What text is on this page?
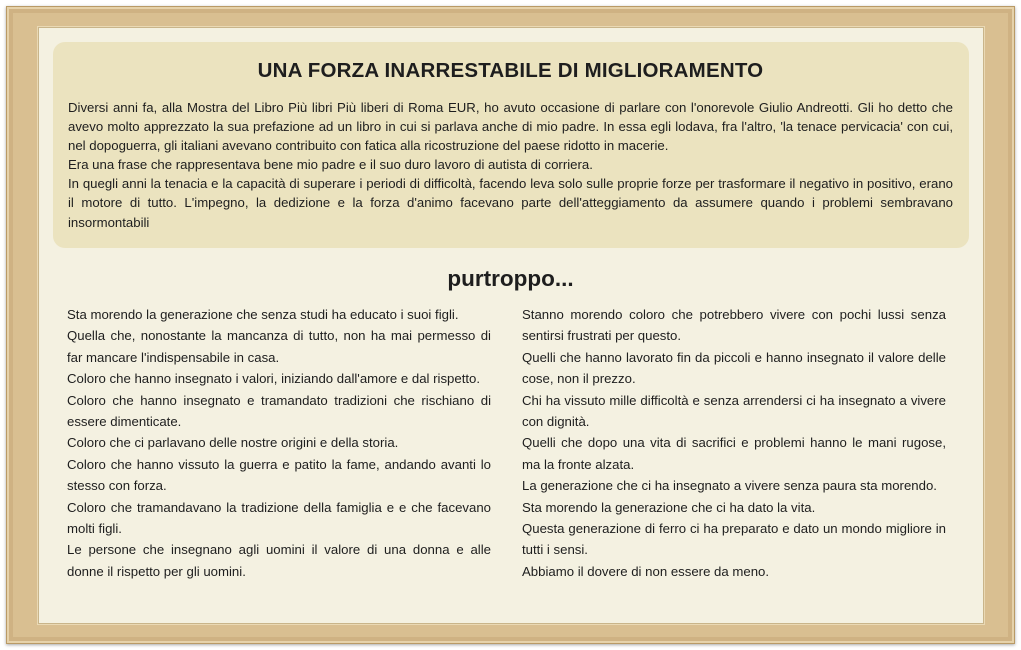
UNA FORZA INARRESTABILE DI MIGLIORAMENTO

Diversi anni fa, alla Mostra del Libro Più libri Più liberi di Roma EUR, ho avuto occasione di parlare con l'onorevole Giulio Andreotti. Gli ho detto che avevo molto apprezzato la sua prefazione ad un libro in cui si parlava anche di mio padre. In essa egli lodava, fra l'altro, 'la tenace pervicacia' con cui, nel dopoguerra, gli italiani avevano contribuito con fatica alla ricostruzione del paese ridotto in macerie.

Era una frase che rappresentava bene mio padre e il suo duro lavoro di autista di corriera.

In quegli anni la tenacia e la capacità di superare i periodi di difficoltà, facendo leva solo sulle proprie forze per trasformare il negativo in positivo, erano il motore di tutto. L'impegno, la dedizione e la forza d'animo facevano parte dell'atteggiamento da assumere quando i problemi sembravano insormontabili

purtroppo...

Sta morendo la generazione che senza studi ha educato i suoi figli.

Quella che, nonostante la mancanza di tutto, non ha mai permesso di far mancare l'indispensabile in casa.

Coloro che hanno insegnato i valori, iniziando dall'amore e dal rispetto.

Coloro che hanno insegnato e tramandato tradizioni che rischiano di essere dimenticate.

Coloro che ci parlavano delle nostre origini e della storia.

Coloro che hanno vissuto la guerra e patito la fame, andando avanti lo stesso con forza.

Coloro che tramandavano la tradizione della famiglia e e che facevano molti figli.

Le persone che insegnano agli uomini il valore di una donna e alle donne il rispetto per gli uomini.

Stanno morendo coloro che potrebbero vivere con pochi lussi senza sentirsi frustrati per questo.

Quelli che hanno lavorato fin da piccoli e hanno insegnato il valore delle cose, non il prezzo.

Chi ha vissuto mille difficoltà e senza arrendersi ci ha insegnato a vivere con dignità.

Quelli che dopo una vita di sacrifici e problemi hanno le mani rugose, ma la fronte alzata.

La generazione che ci ha insegnato a vivere senza paura sta morendo.

Sta morendo la generazione che ci ha dato la vita.

Questa generazione di ferro ci ha preparato e dato un mondo migliore in tutti i sensi.

Abbiamo il dovere di non essere da meno.
